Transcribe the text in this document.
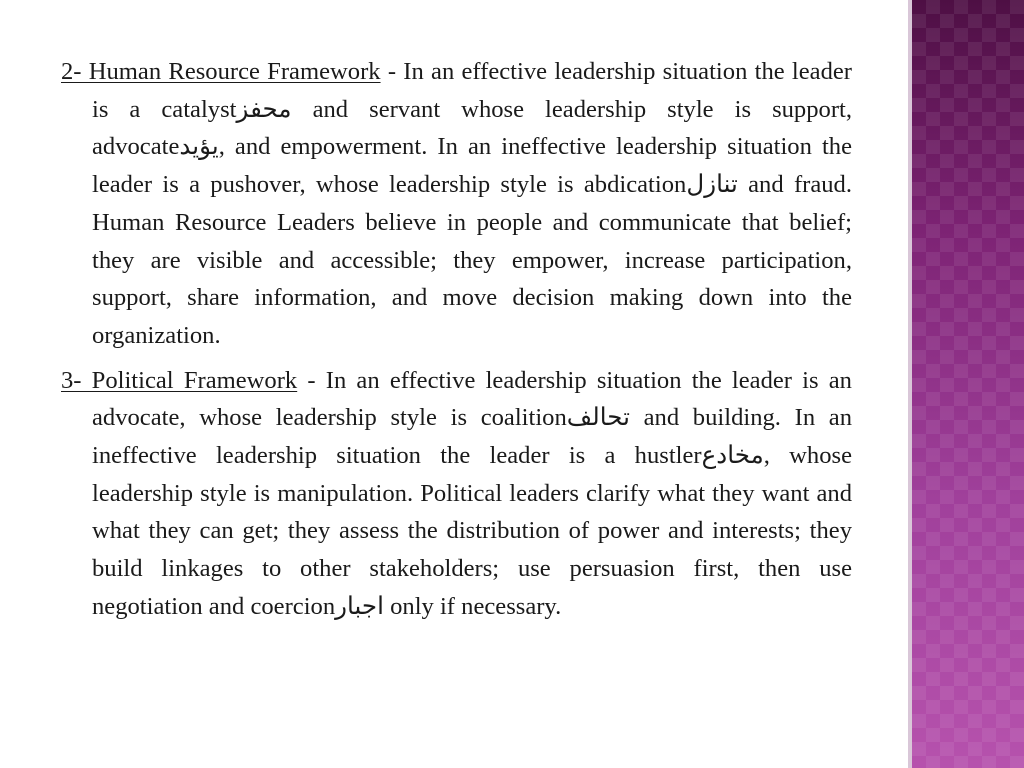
2- Human Resource Framework - In an effective leadership situation the leader is a catalystمحفز and servant whose leadership style is support, advocateيؤيد, and empowerment. In an ineffective leadership situation the leader is a pushover, whose leadership style is abdicationتنازل and fraud. Human Resource Leaders believe in people and communicate that belief; they are visible and accessible; they empower, increase participation, support, share information, and move decision making down into the organization.

3- Political Framework - In an effective leadership situation the leader is an advocate, whose leadership style is coalitionتحالف and building. In an ineffective leadership situation the leader is a hustlerمخادع, whose leadership style is manipulation. Political leaders clarify what they want and what they can get; they assess the distribution of power and interests; they build linkages to other stakeholders; use persuasion first, then use negotiation and coercionاجبار only if necessary.
